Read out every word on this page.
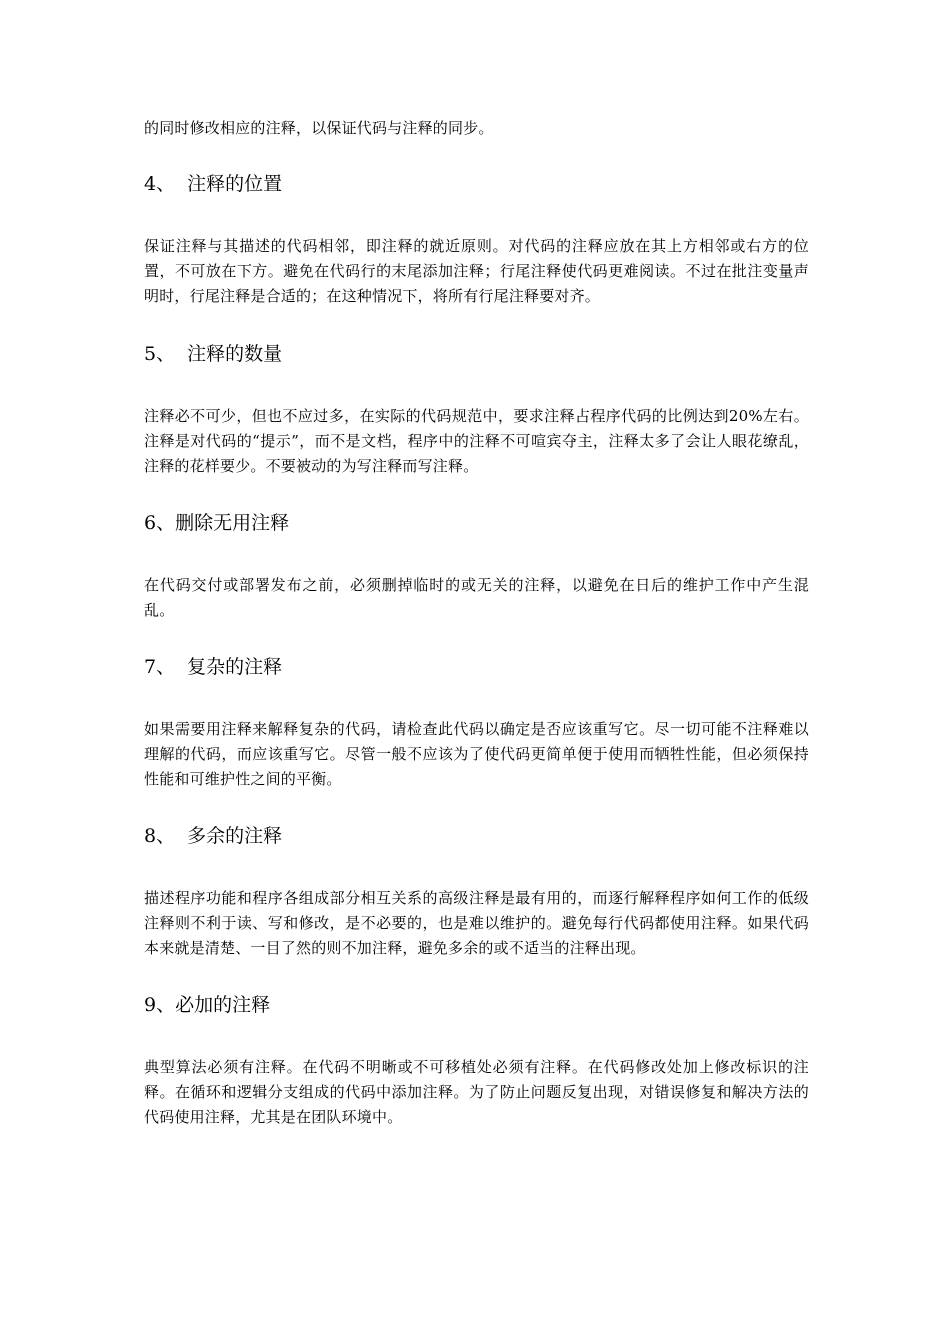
的同时修改相应的注释，以保证代码与注释的同步。
4、  注释的位置
保证注释与其描述的代码相邻，即注释的就近原则。对代码的注释应放在其上方相邻或右方的位置，不可放在下方。避免在代码行的末尾添加注释；行尾注释使代码更难阅读。不过在批注变量声明时，行尾注释是合适的；在这种情况下，将所有行尾注释要对齐。
5、  注释的数量
注释必不可少，但也不应过多，在实际的代码规范中，要求注释占程序代码的比例达到20%左右。注释是对代码的“提示”，而不是文档，程序中的注释不可喧宾夺主，注释太多了会让人眼花缭乱，注释的花样要少。不要被动的为写注释而写注释。
6、删除无用注释
在代码交付或部署发布之前，必须删掉临时的或无关的注释，以避免在日后的维护工作中产生混乱。
7、  复杂的注释
如果需要用注释来解释复杂的代码，请检查此代码以确定是否应该重写它。尽一切可能不注释难以理解的代码，而应该重写它。尽管一般不应该为了使代码更简单便于使用而牺牲性能，但必须保持性能和可维护性之间的平衡。
8、  多余的注释
描述程序功能和程序各组成部分相互关系的高级注释是最有用的，而逐行解释程序如何工作的低级注释则不利于读、写和修改，是不必要的，也是难以维护的。避免每行代码都使用注释。如果代码本来就是清楚、一目了然的则不加注释，避免多余的或不适当的注释出现。
9、必加的注释
典型算法必须有注释。在代码不明晰或不可移植处必须有注释。在代码修改处加上修改标识的注释。在循环和逻辑分支组成的代码中添加注释。为了防止问题反复出现，对错误修复和解决方法的代码使用注释，尤其是在团队环境中。
